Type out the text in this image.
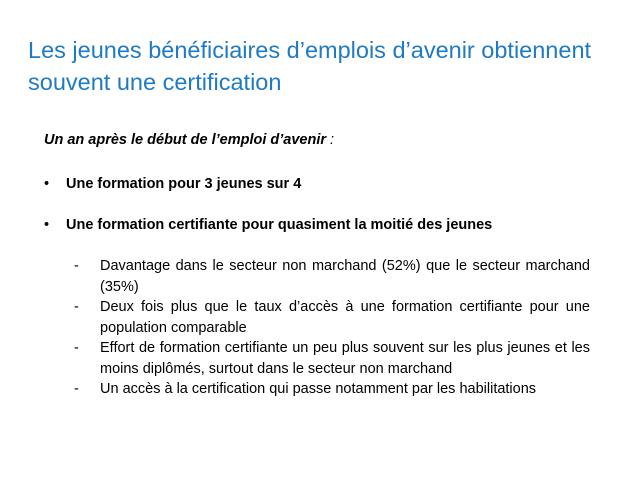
Les jeunes bénéficiaires d’emplois d’avenir obtiennent souvent une certification

Un an après le début de l’emploi d’avenir :

• Une formation pour 3 jeunes sur 4
• Une formation certifiante pour quasiment la moitié des jeunes
- Davantage dans le secteur non marchand (52%) que le secteur marchand (35%)
- Deux fois plus que le taux d’accès à une formation certifiante pour une population comparable
- Effort de formation certifiante un peu plus souvent sur les plus jeunes et les moins diplômés, surtout dans le secteur non marchand
- Un accès à la certification qui passe notamment par les habilitations
